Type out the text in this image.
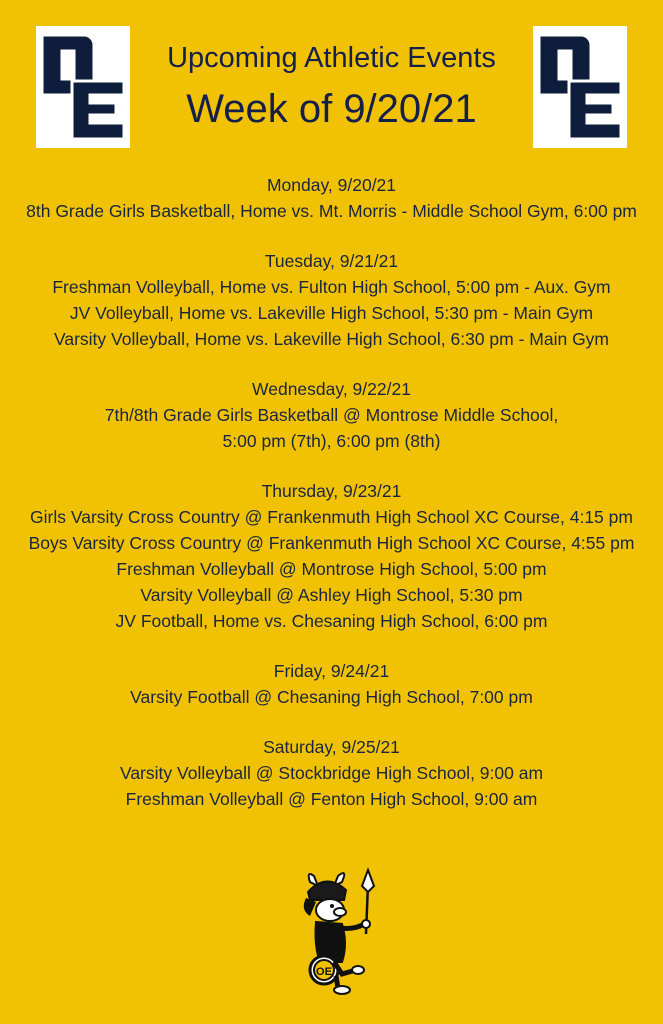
Upcoming Athletic Events
Week of 9/20/21
Monday, 9/20/21
8th Grade Girls Basketball, Home vs. Mt. Morris - Middle School Gym, 6:00 pm
Tuesday, 9/21/21
Freshman Volleyball, Home vs. Fulton High School, 5:00 pm - Aux. Gym
JV Volleyball, Home vs. Lakeville High School, 5:30 pm - Main Gym
Varsity Volleyball, Home vs. Lakeville High School, 6:30 pm - Main Gym
Wednesday, 9/22/21
7th/8th Grade Girls Basketball @ Montrose Middle School,
5:00 pm (7th), 6:00 pm (8th)
Thursday, 9/23/21
Girls Varsity Cross Country @ Frankenmuth High School XC Course, 4:15 pm
Boys Varsity Cross Country @ Frankenmuth High School XC Course, 4:55 pm
Freshman Volleyball @ Montrose High School, 5:00 pm
Varsity Volleyball @ Ashley High School, 5:30 pm
JV Football, Home vs. Chesaning High School, 6:00 pm
Friday, 9/24/21
Varsity Football @ Chesaning High School, 7:00 pm
Saturday, 9/25/21
Varsity Volleyball @ Stockbridge High School, 9:00 am
Freshman Volleyball @ Fenton High School, 9:00 am
OE
